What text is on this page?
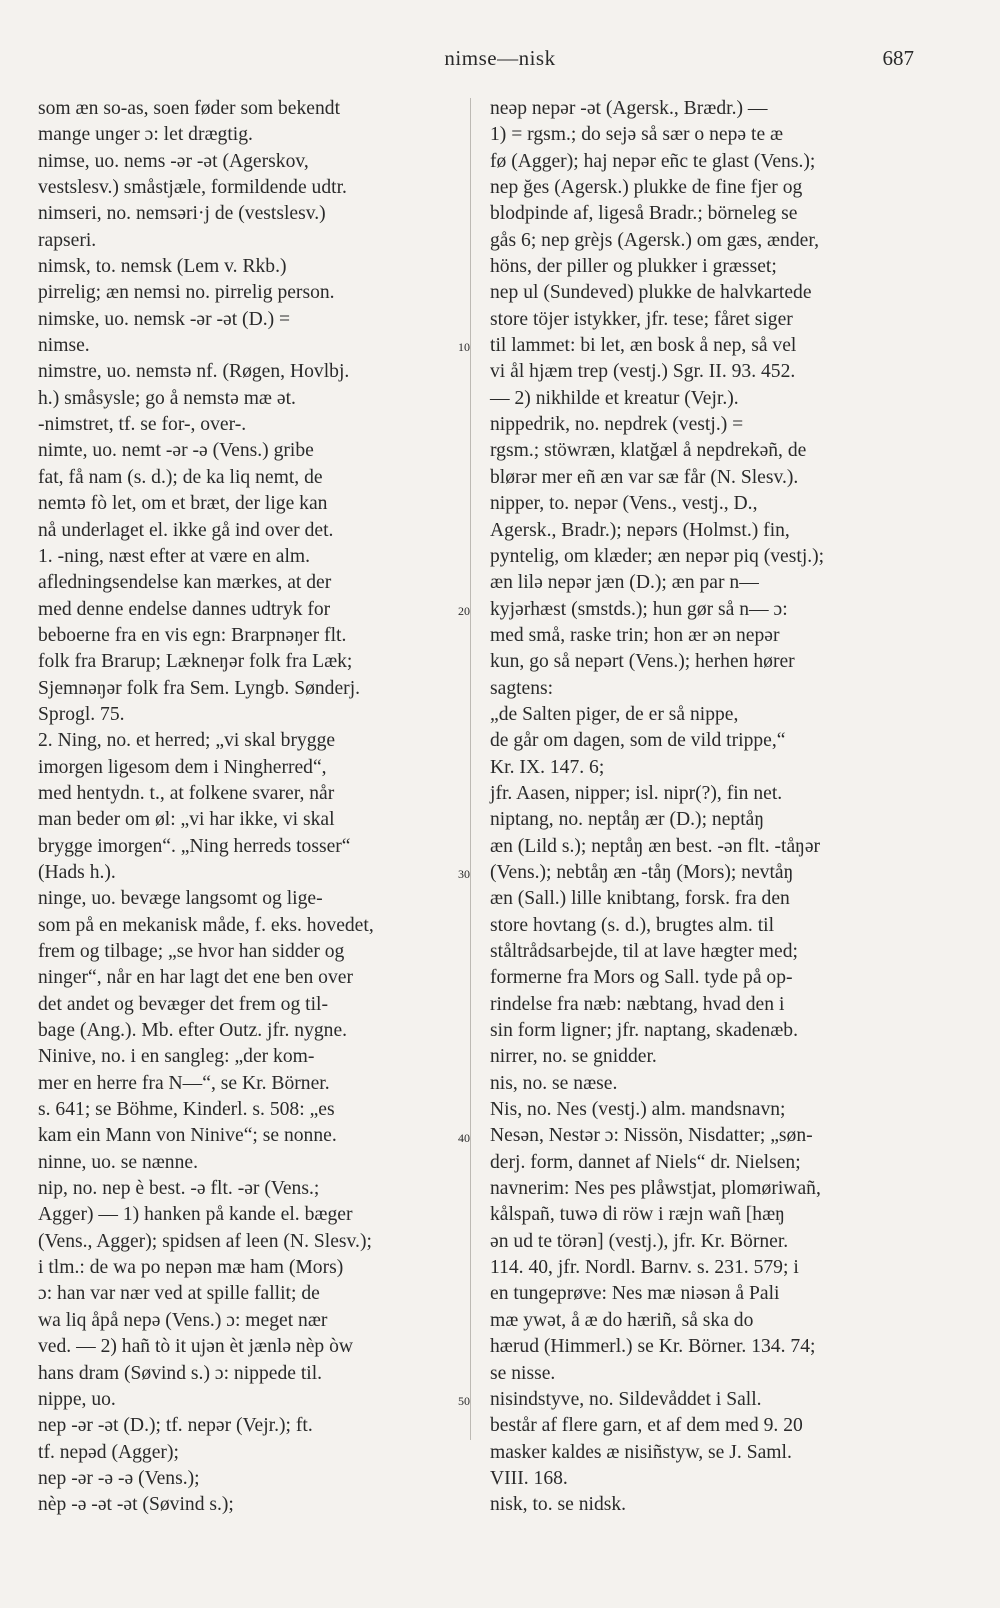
nimse—nisk	687
som æn so-as, soen føder som bekendt
mange unger ɔ: let drægtig.
nimse, uo. nems -ər -ət (Agerskov,
vestslesv.) småstjæle, formildende udtr.
nimseri, no. nemsəri·j de (vestslesv.)
rapseri.
nimsk, to. nemsk (Lem v. Rkb.)
pirrelig; æn nemsi no. pirrelig person.
nimske, uo. nemsk -ər -ət (D.) =
nimse.
nimstre, uo. nemstə nf. (Røgen, Hovlbj.
h.) småsysle; go å nemstə mæ ət.
-nimstret, tf. se for-, over-.
nimte, uo. nemt -ər -ə (Vens.) gribe
fat, få nam (s. d.); de ka liq nemt, de
nemtə fò let, om et bræt, der lige kan
nå underlaget el. ikke gå ind over det.
1. -ning, næst efter at være en alm.
afledningsendelse kan mærkes, at der
med denne endelse dannes udtryk for
beboerne fra en vis egn: Brarpnəŋer flt.
folk fra Brarup; Lækneŋər folk fra Læk;
Sjemnəŋər folk fra Sem. Lyngb. Sønderj.
Sprogl. 75.
2. Ning, no. et herred; „vi skal brygge
imorgen ligesom dem i Ningherred“,
med hentydn. t., at folkene svarer, når
man beder om øl: „vi har ikke, vi skal
brygge imorgen“. „Ning herreds tosser“
(Hads h.).
ninge, uo. bevæge langsomt og lige-
som på en mekanisk måde, f. eks. hovedet,
frem og tilbage; „se hvor han sidder og
ninger“, når en har lagt det ene ben over
det andet og bevæger det frem og til-
bage (Ang.). Mb. efter Outz. jfr. nygne.
Ninive, no. i en sangleg: „der kom-
mer en herre fra N—“, se Kr. Börner.
s. 641; se Böhme, Kinderl. s. 508: „es
kam ein Mann von Ninive“; se nonne.
ninne, uo. se nænne.
nip, no. nep è best. -ə flt. -ər (Vens.;
Agger) — 1) hanken på kande el. bæger
(Vens., Agger); spidsen af leen (N. Slesv.);
i tlm.: de wa po nepən mæ ham (Mors)
ɔ: han var nær ved at spille fallit; de
wa liq åpå nepə (Vens.) ɔ: meget nær
ved. — 2) hañ tò it ujən èt jænlə nèp òw
hans dram (Søvind s.) ɔ: nippede til.
nippe, uo.
nep -ər -ət (D.); tf. nepər (Vejr.); ft.
tf. nepəd (Agger);
nep -ər -ə -ə (Vens.);
nèp -ə -ət -ət (Søvind s.);
10
20
30
40
50
neəp nepər -ət (Agersk., Brædr.) —
1) = rgsm.; do sejə så sær o nepə te æ
fø (Agger); haj nepər eñc te glast (Vens.);
nep ğes (Agersk.) plukke de fine fjer og
blodpinde af, ligeså Bradr.; börneleg se
gås 6; nep grèjs (Agersk.) om gæs, ænder,
höns, der piller og plukker i græsset;
nep ul (Sundeved) plukke de halvkartede
store töjer istykker, jfr. tese; fåret siger
til lammet: bi let, æn bosk å nep, så vel
vi ål hjæm trep (vestj.) Sgr. II. 93. 452.
— 2) nikhilde et kreatur (Vejr.).
nippedrik, no. nepdrek (vestj.) =
rgsm.; stöwræn, klatğæl å nepdrekəñ, de
blørər mer eñ æn var sæ får (N. Slesv.).
nipper, to. nepər (Vens., vestj., D.,
Agersk., Bradr.); nepərs (Holmst.) fin,
pyntelig, om klæder; æn nepər piq (vestj.);
æn lilə nepər jæn (D.); æn par n—
kyjərhæst (smstds.); hun gør så n— ɔ:
med små, raske trin; hon ær ən nepər
kun, go så nepərt (Vens.); herhen hører
sagtens:
„de Salten piger, de er så nippe,
de går om dagen, som de vild trippe,“
Kr. IX. 147. 6;
jfr. Aasen, nipper; isl. nipr(?), fin net.
niptang, no. neptåŋ ær (D.); neptåŋ
æn (Lild s.); neptåŋ æn best. -ən flt. -tåŋər
(Vens.); nebtåŋ æn -tåŋ (Mors); nevtåŋ
æn (Sall.) lille knibtang, forsk. fra den
store hovtang (s. d.), brugtes alm. til
ståltrådsarbejde, til at lave hægter med;
formerne fra Mors og Sall. tyde på op-
rindelse fra næb: næbtang, hvad den i
sin form ligner; jfr. naptang, skadenæb.
nirrer, no. se gnidder.
nis, no. se næse.
Nis, no. Nes (vestj.) alm. mandsnavn;
Nesən, Nestər ɔ: Nissön, Nisdatter; „søn-
derj. form, dannet af Niels“ dr. Nielsen;
navnerim: Nes pes plåwstjat, plomøriwañ,
kålspañ, tuwə di röw i ræjn wañ [hæŋ
ən ud te törən] (vestj.), jfr. Kr. Börner.
114. 40, jfr. Nordl. Barnv. s. 231. 579; i
en tungeprøve: Nes mæ niəsən å Pali
mæ ywət, å æ do hæriñ, så ska do
hærud (Himmerl.) se Kr. Börner. 134. 74;
se nisse.
nisindstyve, no. Sildevåddet i Sall.
består af flere garn, et af dem med 9. 20
masker kaldes æ nisiñstyw, se J. Saml.
VIII. 168.
nisk, to. se nidsk.
